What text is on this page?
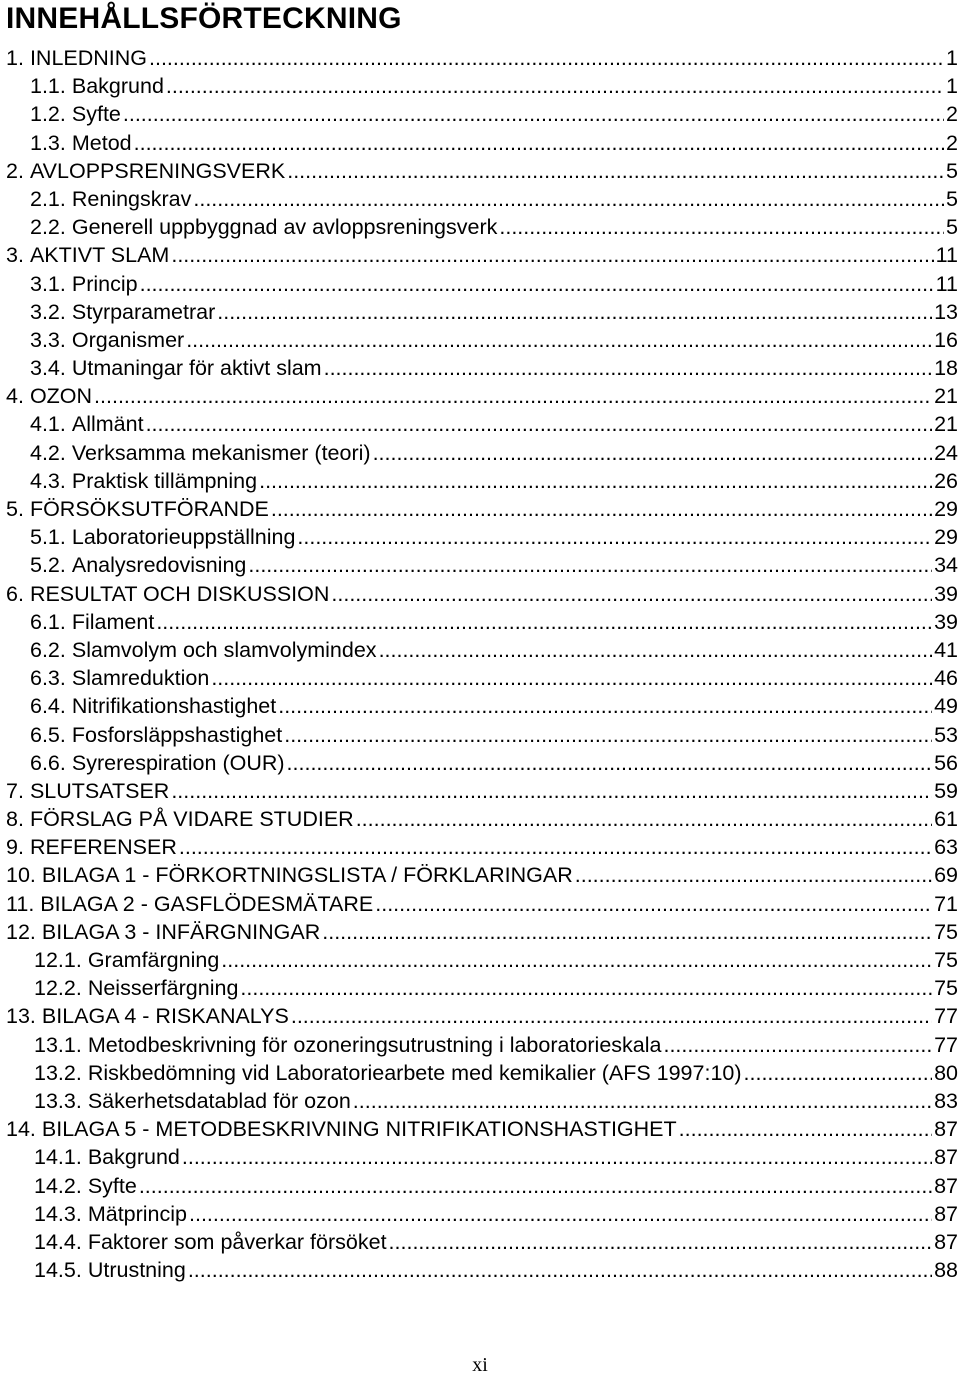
INNEHÅLLSFÖRTECKNING
1. INLEDNING .....	1
1.1. Bakgrund .....	1
1.2. Syfte .....	2
1.3. Metod .....	2
2. AVLOPPSRENINGSVERK .....	5
2.1. Reningskrav .....	5
2.2. Generell uppbyggnad av avloppsreningsverk .....	5
3. AKTIVT SLAM .....	11
3.1. Princip .....	11
3.2. Styrparametrar .....	13
3.3. Organismer .....	16
3.4. Utmaningar för aktivt slam .....	18
4. OZON .....	21
4.1. Allmänt .....	21
4.2. Verksamma mekanismer (teori) .....	24
4.3. Praktisk tillämpning .....	26
5. FÖRSÖKSUTFÖRANDE .....	29
5.1. Laboratorieuppställning .....	29
5.2. Analysredovisning .....	34
6. RESULTAT OCH DISKUSSION .....	39
6.1. Filament .....	39
6.2. Slamvolym och slamvolymindex .....	41
6.3. Slamreduktion .....	46
6.4. Nitrifikationshastighet .....	49
6.5. Fosforsläppshastighet .....	53
6.6. Syrerespiration (OUR) .....	56
7. SLUTSATSER .....	59
8. FÖRSLAG PÅ VIDARE STUDIER .....	61
9. REFERENSER .....	63
10. BILAGA 1 - FÖRKORTNINGSLISTA / FÖRKLARINGAR .....	69
11. BILAGA 2 - GASFLÖDESMÄTARE .....	71
12. BILAGA 3 - INFÄRGNINGAR .....	75
12.1. Gramfärgning .....	75
12.2. Neisserfärgning .....	75
13. BILAGA 4 - RISKANALYS .....	77
13.1. Metodbeskrivning för ozoneringsutrustning i laboratorieskala .....	77
13.2. Riskbedömning vid Laboratoriearbete med kemikalier (AFS 1997:10) .....	80
13.3. Säkerhetsdatablad för ozon .....	83
14. BILAGA 5 - METODBESKRIVNING NITRIFIKATIONSHASTIGHET .....	87
14.1. Bakgrund .....	87
14.2. Syfte .....	87
14.3. Mätprincip .....	87
14.4. Faktorer som påverkar försöket .....	87
14.5. Utrustning .....	88
xi
